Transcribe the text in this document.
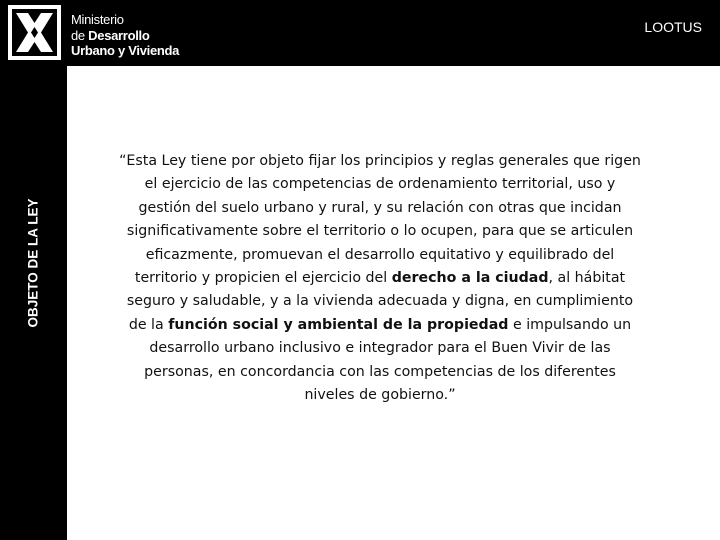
Ministerio
de Desarrollo
Urbano y Vivienda
LOOTUS
OBJETO DE LA LEY
“Esta Ley tiene por objeto fijar los principios y reglas generales que rigen el ejercicio de las competencias de ordenamiento territorial, uso y gestión del suelo urbano y rural, y su relación con otras que incidan significativamente sobre el territorio o lo ocupen, para que se articulen eficazmente, promuevan el desarrollo equitativo y equilibrado del territorio y propicien el ejercicio del derecho a la ciudad, al hábitat seguro y saludable, y a la vivienda adecuada y digna, en cumplimiento de la función social y ambiental de la propiedad e impulsando un desarrollo urbano inclusivo e integrador para el Buen Vivir de las personas, en concordancia con las competencias de los diferentes niveles de gobierno.”
